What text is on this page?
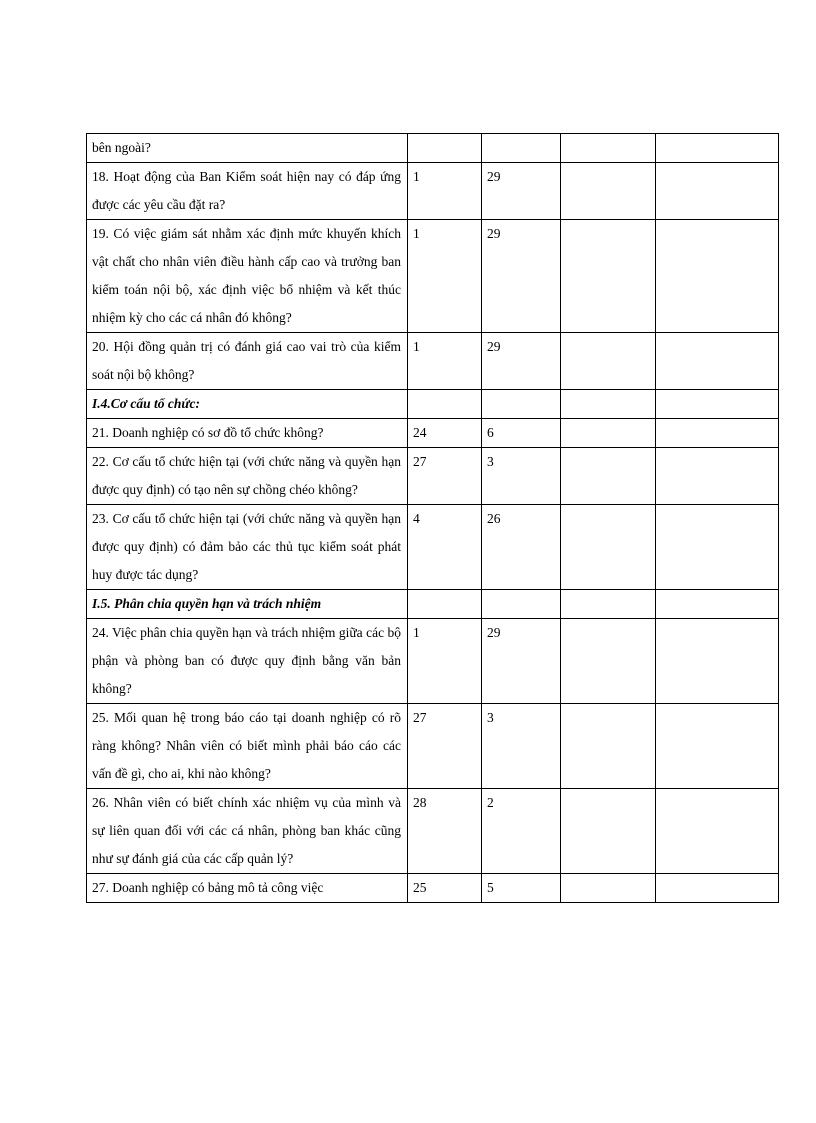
bên ngoài?				
18. Hoạt động của Ban Kiểm soát hiện nay có đáp ứng được các yêu cầu đặt ra?	1	29		
19. Có việc giám sát nhằm xác định mức khuyến khích vật chất cho nhân viên điều hành cấp cao và trưởng ban kiểm toán nội bộ, xác định việc bổ nhiệm và kết thúc nhiệm kỳ cho các cá nhân đó không?	1	29		
20. Hội đồng quản trị có đánh giá cao vai trò của kiểm soát nội bộ không?	1	29		
I.4.Cơ cấu tổ chức:				
21. Doanh nghiệp có sơ đồ tổ chức không?	24	6		
22. Cơ cấu tổ chức hiện tại (với chức năng và quyền hạn được quy định) có tạo nên sự chồng chéo không?	27	3		
23. Cơ cấu tổ chức hiện tại (với chức năng và quyền hạn được quy định) có đảm bảo các thủ tục kiểm soát phát huy được tác dụng?	4	26		
I.5. Phân chia quyền hạn và trách nhiệm				
24. Việc phân chia quyền hạn và trách nhiệm giữa các bộ phận và phòng ban có được quy định bằng văn bản không?	1	29		
25. Mối quan hệ trong báo cáo tại doanh nghiệp có rõ ràng không? Nhân viên có biết mình phải báo cáo các vấn đề gì, cho ai, khi nào không?	27	3		
26. Nhân viên có biết chính xác nhiệm vụ của mình và sự liên quan đối với các cá nhân, phòng ban khác cũng như sự đánh giá của các cấp quản lý?	28	2		
27. Doanh nghiệp có bảng mô tả công việc	25	5		
